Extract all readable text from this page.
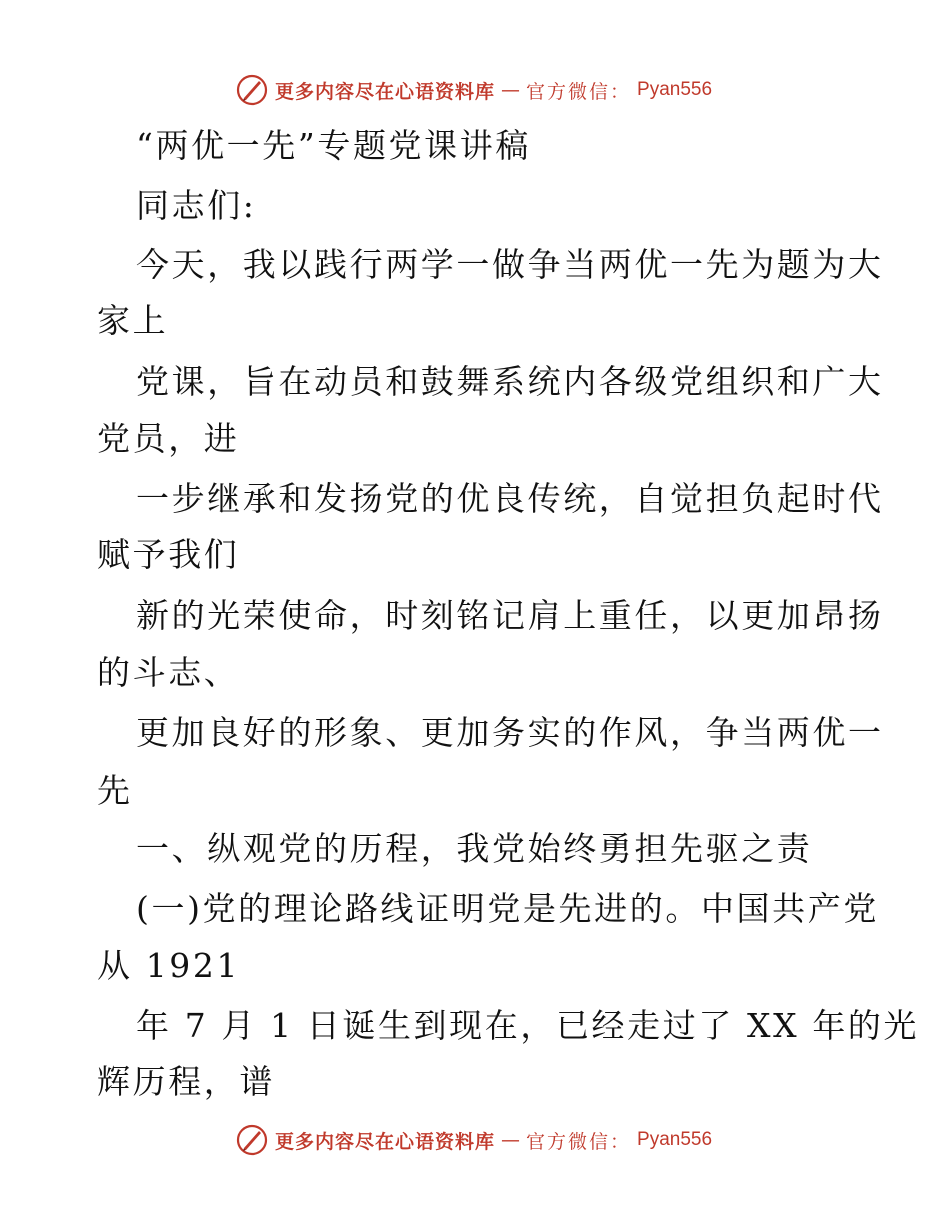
更多内容尽在心语资料库 — 官方微信： Pyan556
“两优一先”专题党课讲稿
同志们:
今天，我以践行两学一做争当两优一先为题为大
家上
党课，旨在动员和鼓舞系统内各级党组织和广大
党员，进
一步继承和发扬党的优良传统，自觉担负起时代
赋予我们
新的光荣使命，时刻铭记肩上重任，以更加昂扬
的斗志、
更加良好的形象、更加务实的作风，争当两优一
先
一、纵观党的历程，我党始终勇担先驱之责
(一)党的理论路线证明党是先进的。中国共产党
从 1921
年 7 月 1 日诞生到现在，已经走过了 XX 年的光
辉历程，谱
更多内容尽在心语资料库 — 官方微信： Pyan556
